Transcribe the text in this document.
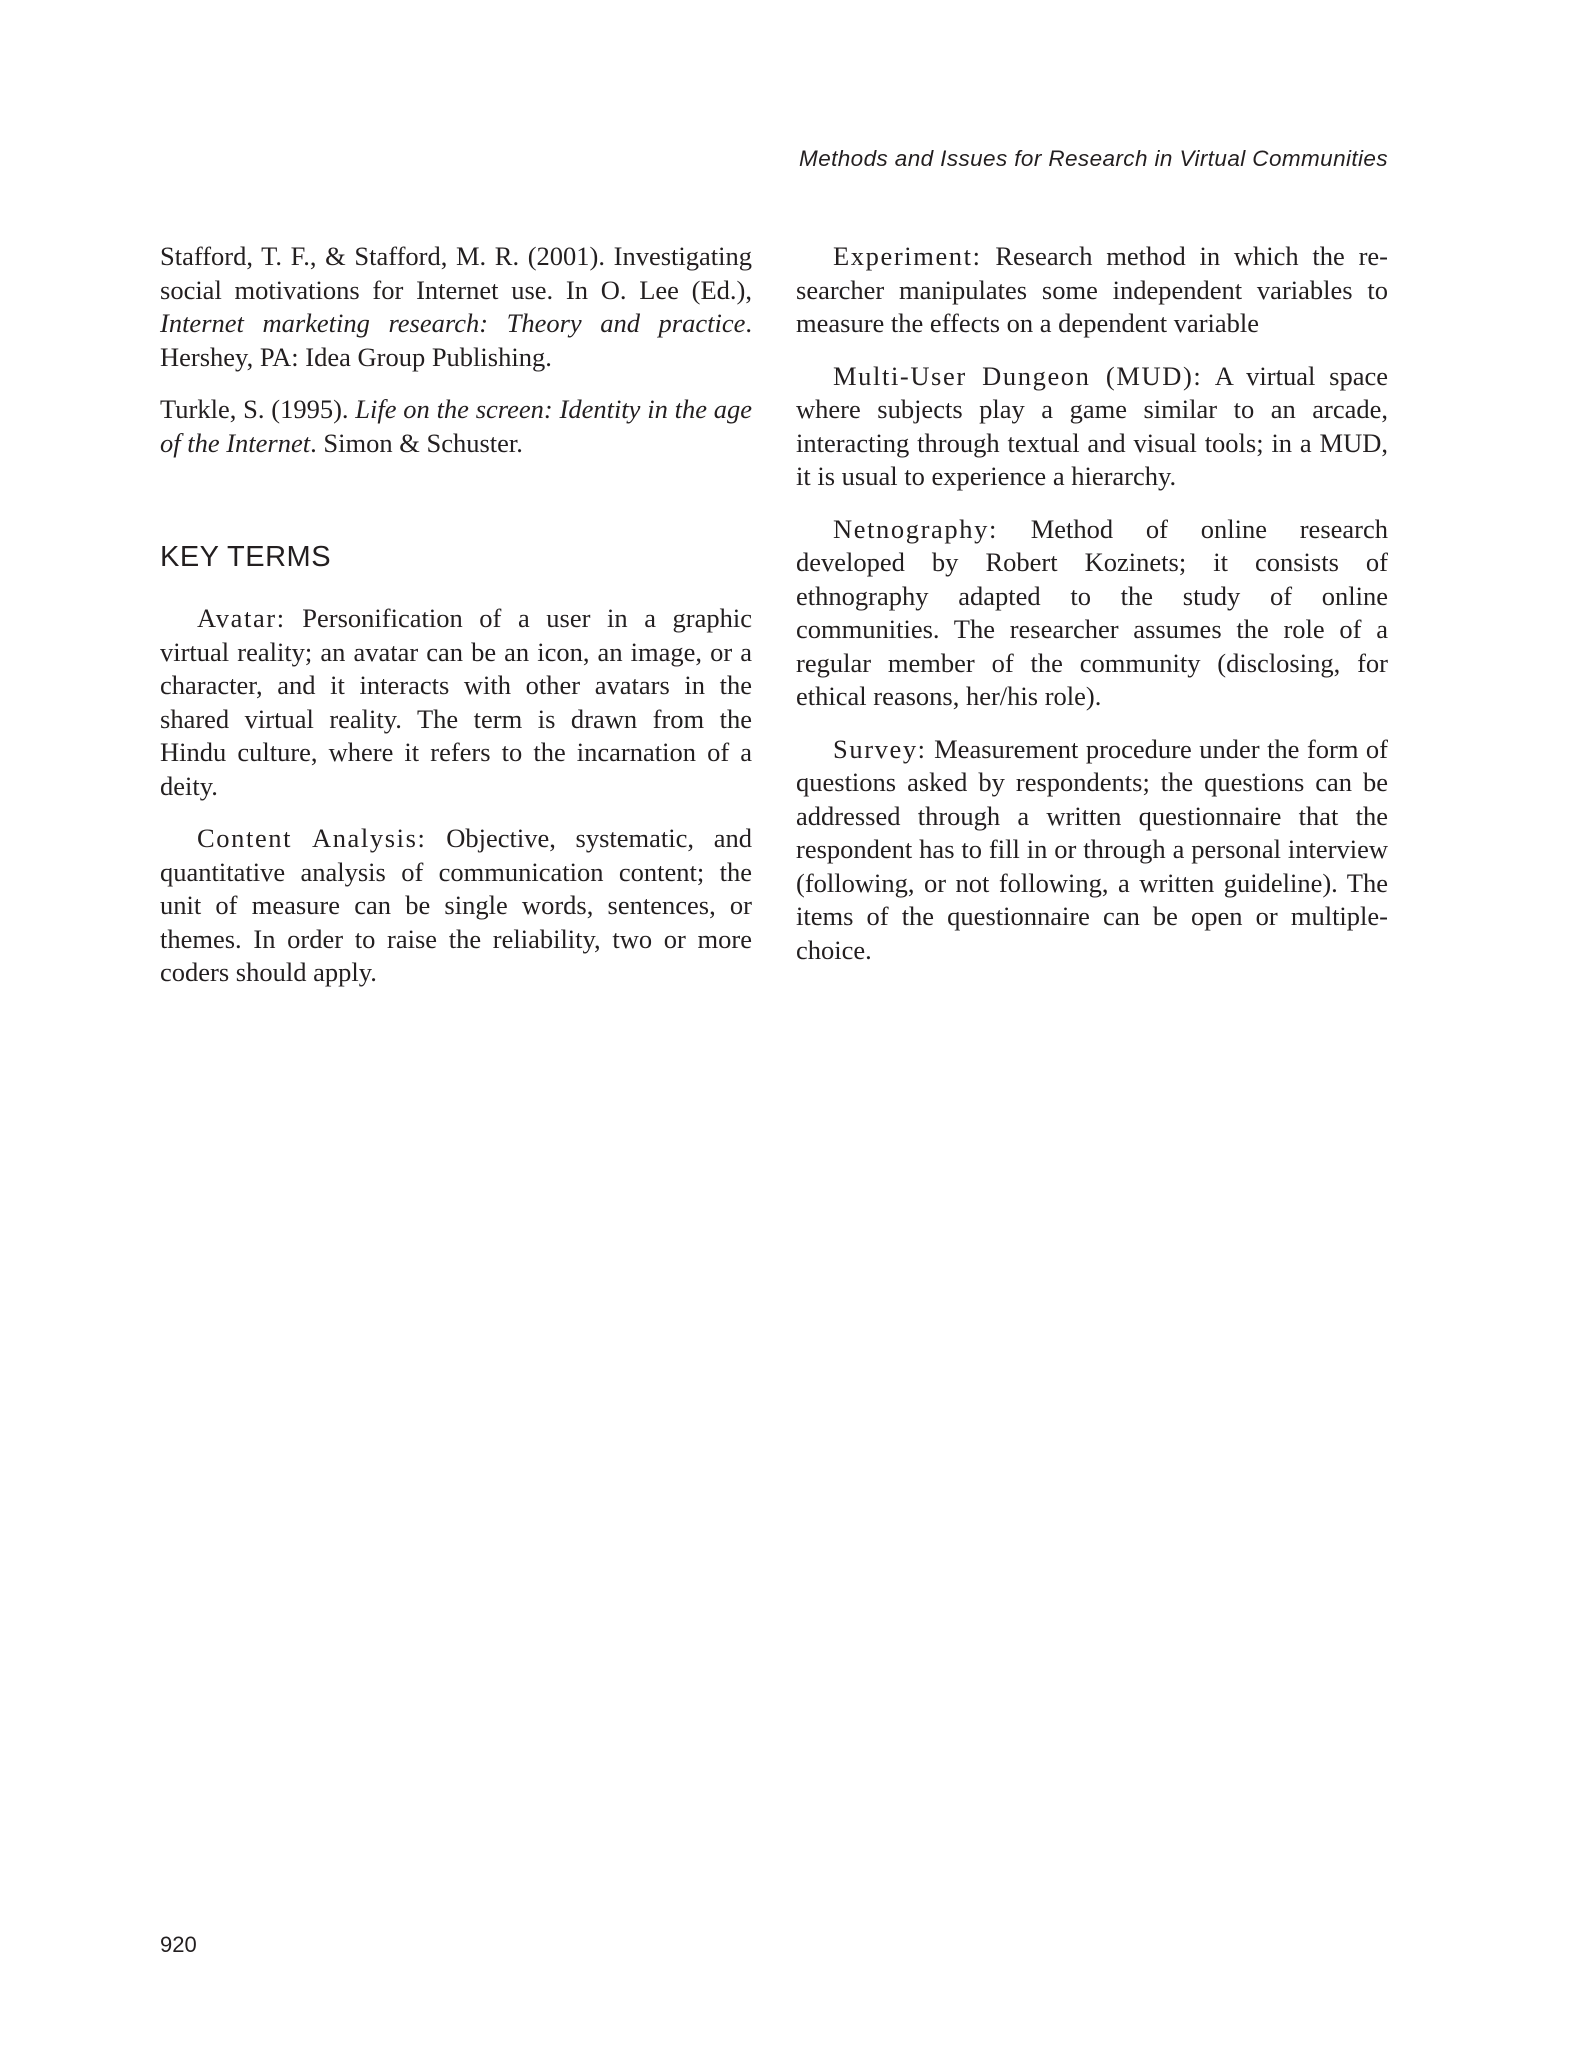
Methods and Issues for Research in Virtual Communities

Stafford, T. F., & Stafford, M. R. (2001). Investigating social motivations for Internet use. In O. Lee (Ed.), Internet marketing research: Theory and practice. Hershey, PA: Idea Group Publishing.

Turkle, S. (1995). Life on the screen: Identity in the age of the Internet. Simon & Schuster.

KEY TERMS

Avatar: Personification of a user in a graphic virtual reality; an avatar can be an icon, an image, or a character, and it interacts with other avatars in the shared virtual reality. The term is drawn from the Hindu culture, where it refers to the incarnation of a deity.

Content Analysis: Objective, systematic, and quantitative analysis of communication content; the unit of measure can be single words, sentences, or themes. In order to raise the reliability, two or more coders should apply.

Experiment: Research method in which the researcher manipulates some independent variables to measure the effects on a dependent variable

Multi-User Dungeon (MUD): A virtual space where subjects play a game similar to an arcade, interacting through textual and visual tools; in a MUD, it is usual to experience a hierarchy.

Netnography: Method of online research developed by Robert Kozinets; it consists of ethnography adapted to the study of online communities. The researcher assumes the role of a regular member of the community (disclosing, for ethical reasons, her/his role).

Survey: Measurement procedure under the form of questions asked by respondents; the questions can be addressed through a written questionnaire that the respondent has to fill in or through a personal interview (following, or not following, a written guideline). The items of the questionnaire can be open or multiple-choice.

920
